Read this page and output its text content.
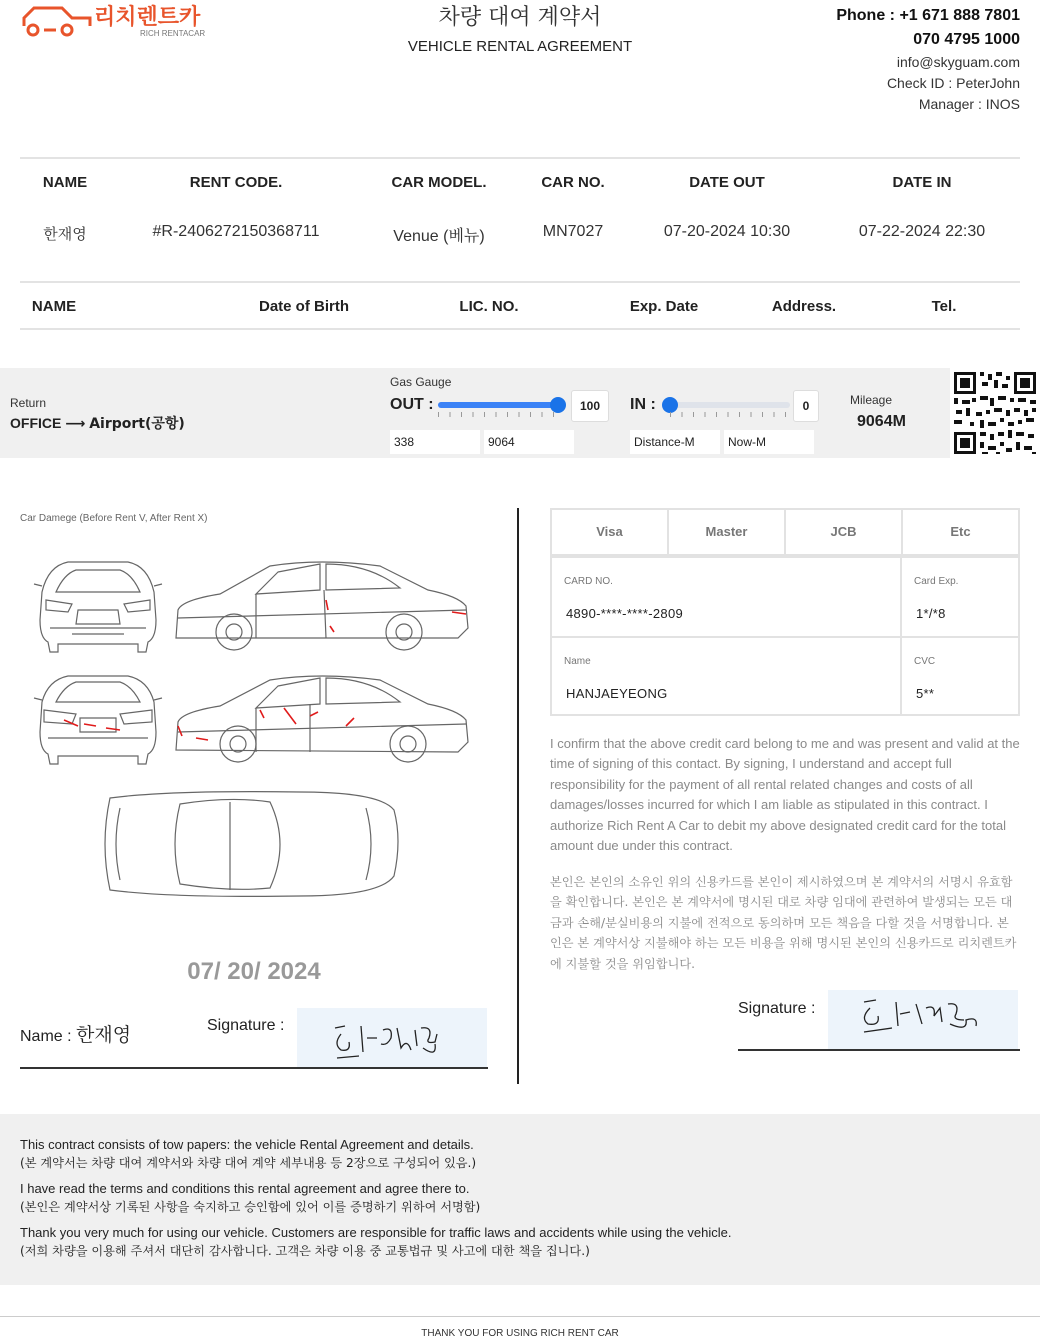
리치렌트카
RICH RENTACAR
차량 대여 계약서
VEHICLE RENTAL AGREEMENT
Phone : +1 671 888 7801
070 4795 1000
info@skyguam.com
Check ID : PeterJohn
Manager : INOS
NAME	RENT CODE.	CAR MODEL.	CAR NO.	DATE OUT	DATE IN
한재영	#R-2406272150368711	Venue (베뉴)	MN7027	07-20-2024 10:30	07-22-2024 22:30
NAME	Date of Birth	LIC. NO.	Exp. Date	Address.	Tel.
Return
OFFICE ⟶ Airport(공항)
Gas Gauge
OUT :	100
338	9064
IN :	0
Distance-M	Now-M
Mileage
9064M
Car Damege (Before Rent V, After Rent X)
07/ 20/ 2024
Name : 한재영	Signature :
Visa	Master	JCB	Etc
CARD NO.
4890-****-****-2809
Card Exp.
1*/*8
Name
HANJAEYEONG
CVC
5**
I confirm that the above credit card belong to me and was present and valid at the time of signing of this contact. By signing, I understand and accept full responsibility for the payment of all rental related changes and costs of all damages/losses incurred for which I am liable as stipulated in this contract. I authorize Rich Rent A Car to debit my above designated credit card for the total amount due under this contract.
본인은 본인의 소유인 위의 신용카드를 본인이 제시하였으며 본 계약서의 서명시 유효함을 확인합니다. 본인은 본 계약서에 명시된 대로 차량 임대에 관련하여 발생되는 모든 대금과 손해/분실비용의 지불에 전적으로 동의하며 모든 책음을 다할 것을 서명합니다. 본인은 본 계약서상 지불해야 하는 모든 비용을 위해 명시된 본인의 신용카드로 리치렌트카에 지불할 것을 위임합니다.
Signature :

This contract consists of tow papers: the vehicle Rental Agreement and details.

(본 계약서는 차량 대여 계약서와 차량 대여 계약 세부내용 등 2장으로 구성되어 있음.)

I have read the terms and conditions this rental agreement and agree there to.

(본인은 계약서상 기록된 사항을 숙지하고 승인함에 있어 이를 증명하기 위하여 서명함)

Thank you very much for using our vehicle. Customers are responsible for traffic laws and accidents while using the vehicle.

(저희 차량을 이용해 주셔서 대단히 감사합니다. 고객은 차량 이용 중 교통법규 및 사고에 대한 책을 집니다.)

THANK YOU FOR USING RICH RENT CAR
